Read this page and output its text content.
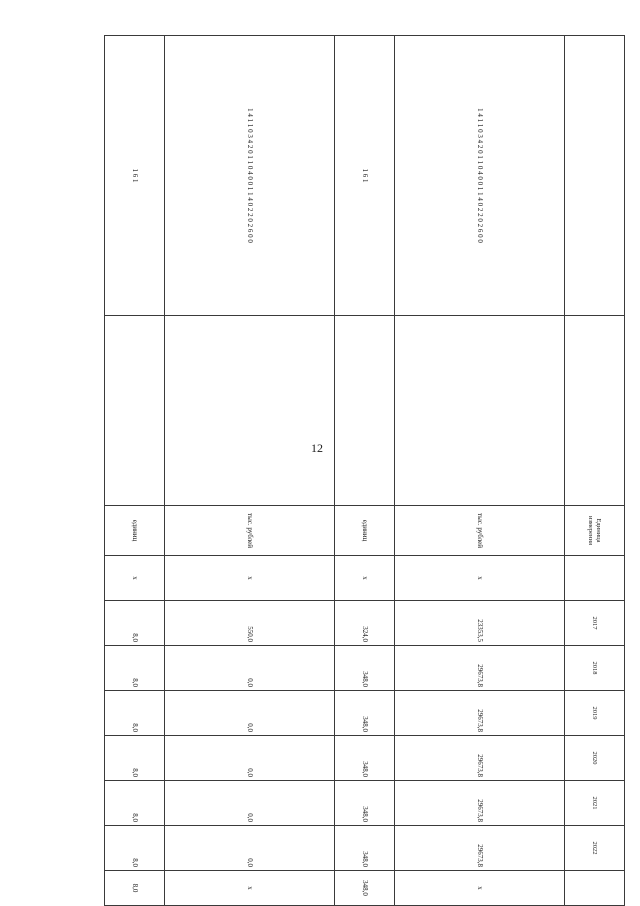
12
		Единица измерения		2017	2018	2019	2020	2021	2022	
1 4 1 1 0 3 4 2 0 1 1 0 4 0 0 1 1 4 0 2 2 0 2 6 0 0		тыс. рублей	x	23353,5	29673,8	29673,8	29673,8	29673,8	29673,8	x
1 6 1		единиц	x	324,0	348,0	348,0	348,0	348,0	348,0	348,0
1 4 1 1 0 3 4 2 0 1 1 0 4 0 0 1 1 4 0 2 2 0 2 6 0 0		тыс. рублей	x	550,0	0,0	0,0	0,0	0,0	0,0	x
1 6 1		единиц	x	8,0	8,0	8,0	8,0	8,0	8,0	8,0
